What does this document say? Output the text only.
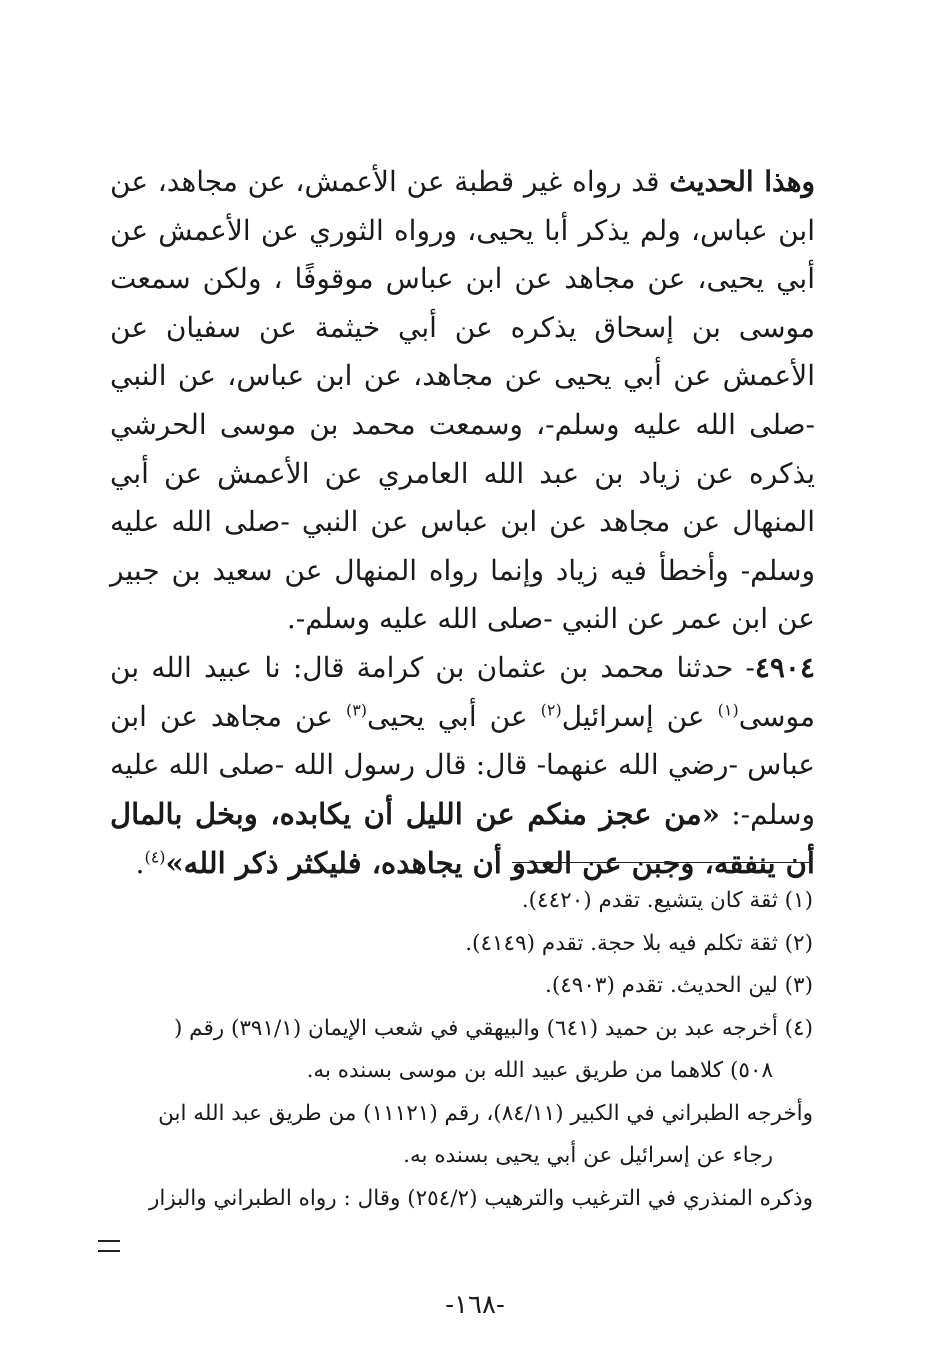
وهذا الحديث قد رواه غير قطبة عن الأعمش، عن مجاهد، عن ابن عباس، ولم يذكر أبا يحيى، ورواه الثوري عن الأعمش عن أبي يحيى، عن مجاهد عن ابن عباس موقوفًا ، ولكن سمعت موسى بن إسحاق يذكره عن أبي خيثمة عن سفيان عن الأعمش عن أبي يحيى عن مجاهد، عن ابن عباس، عن النبي -صلى الله عليه وسلم-، وسمعت محمد بن موسى الحرشي يذكره عن زياد بن عبد الله العامري عن الأعمش عن أبي المنهال عن مجاهد عن ابن عباس عن النبي -صلى الله عليه وسلم- وأخطأ فيه زياد وإنما رواه المنهال عن سعيد بن جبير عن ابن عمر عن النبي -صلى الله عليه وسلم-.

٤٩٠٤- حدثنا محمد بن عثمان بن كرامة قال: نا عبيد الله بن موسى$^{(١)}$ عن إسرائيل$^{(٢)}$ عن أبي يحيى$^{(٣)}$ عن مجاهد عن ابن عباس -رضي الله عنهما- قال: قال رسول الله -صلى الله عليه وسلم-: «من عجز منكم عن الليل أن يكابده، وبخل بالمال أن ينفقه، وجبن عن العدو أن يجاهده، فليكثر ذكر الله»$^{(٤)}$.

(١) ثقة كان يتشيع. تقدم (٤٤٢٠).
(٢) ثقة تكلم فيه بلا حجة. تقدم (٤١٤٩).
(٣) لين الحديث. تقدم (٤٩٠٣).
(٤) أخرجه عبد بن حميد (٦٤١) والبيهقي في شعب الإيمان (٣٩١/١) رقم (
٥٠٨) كلاهما من طريق عبيد الله بن موسى بسنده به.
وأخرجه الطبراني في الكبير (٨٤/١١)، رقم (١١١٢١) من طريق عبد الله ابن
رجاء عن إسرائيل عن أبي يحيى بسنده به.
وذكره المنذري في الترغيب والترهيب (٢٥٤/٢) وقال : رواه الطبراني والبزار
-١٦٨-
